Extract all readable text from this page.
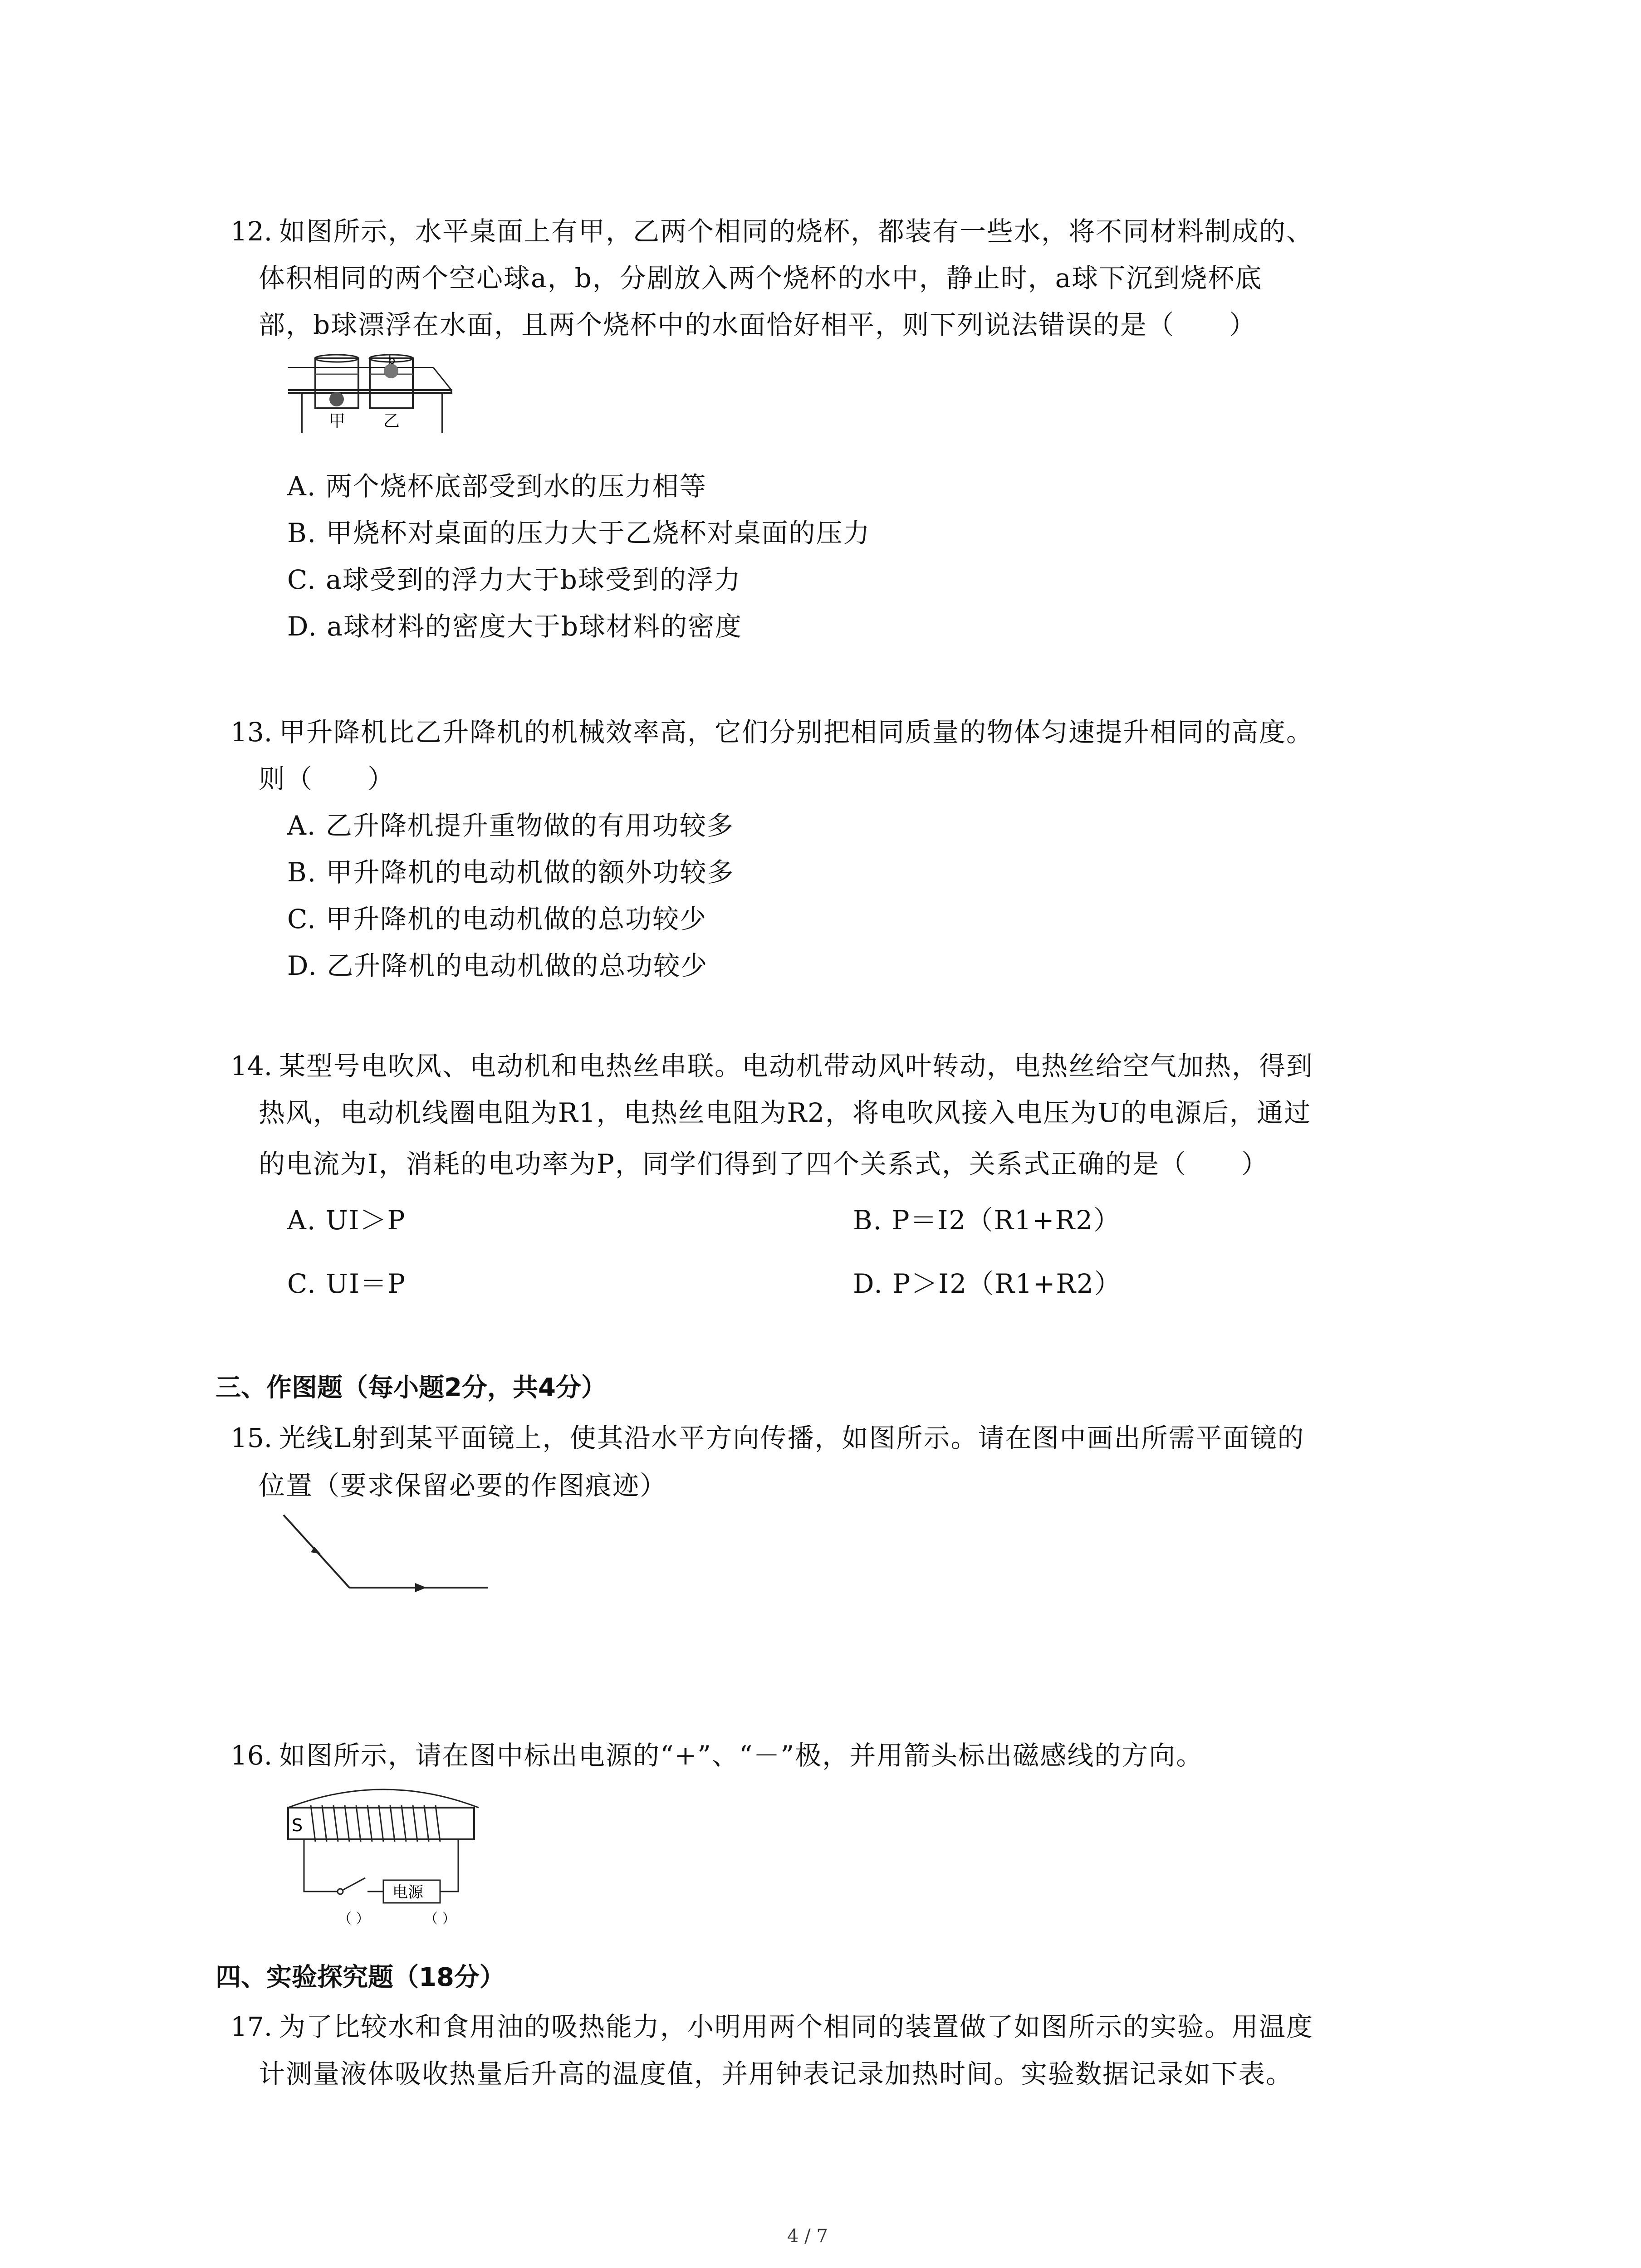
12. 如图所示，水平桌面上有甲，乙两个相同的烧杯，都装有一些水，将不同材料制成的、
体积相同的两个空心球a，b，分剧放入两个烧杯的水中，静止时，a球下沉到烧杯底
部，b球漂浮在水面，且两个烧杯中的水面恰好相平，则下列说法错误的是（　　）
b
甲 乙
A. 两个烧杯底部受到水的压力相等
B. 甲烧杯对桌面的压力大于乙烧杯对桌面的压力
C. a球受到的浮力大于b球受到的浮力
D. a球材料的密度大于b球材料的密度
13. 甲升降机比乙升降机的机械效率高，它们分别把相同质量的物体匀速提升相同的高度。
则（　　）
A. 乙升降机提升重物做的有用功较多
B. 甲升降机的电动机做的额外功较多
C. 甲升降机的电动机做的总功较少
D. 乙升降机的电动机做的总功较少
14. 某型号电吹风、电动机和电热丝串联。电动机带动风叶转动，电热丝给空气加热，得到
热风，电动机线圈电阻为R1，电热丝电阻为R2，将电吹风接入电压为U的电源后，通过
的电流为I，消耗的电功率为P，同学们得到了四个关系式，关系式正确的是（　　）
A. UI＞P	B. P＝I2（R1+R2）
C. UI＝P	D. P＞I2（R1+R2）
三、作图题（每小题2分，共4分）
15. 光线L射到某平面镜上，使其沿水平方向传播，如图所示。请在图中画出所需平面镜的
位置（要求保留必要的作图痕迹）
16. 如图所示，请在图中标出电源的“+”、“－”极，并用箭头标出磁感线的方向。
S
电源
（ ）	（ ）
四、实验探究题（18分）
17. 为了比较水和食用油的吸热能力，小明用两个相同的装置做了如图所示的实验。用温度
计测量液体吸收热量后升高的温度值，并用钟表记录加热时间。实验数据记录如下表。
4 / 7
